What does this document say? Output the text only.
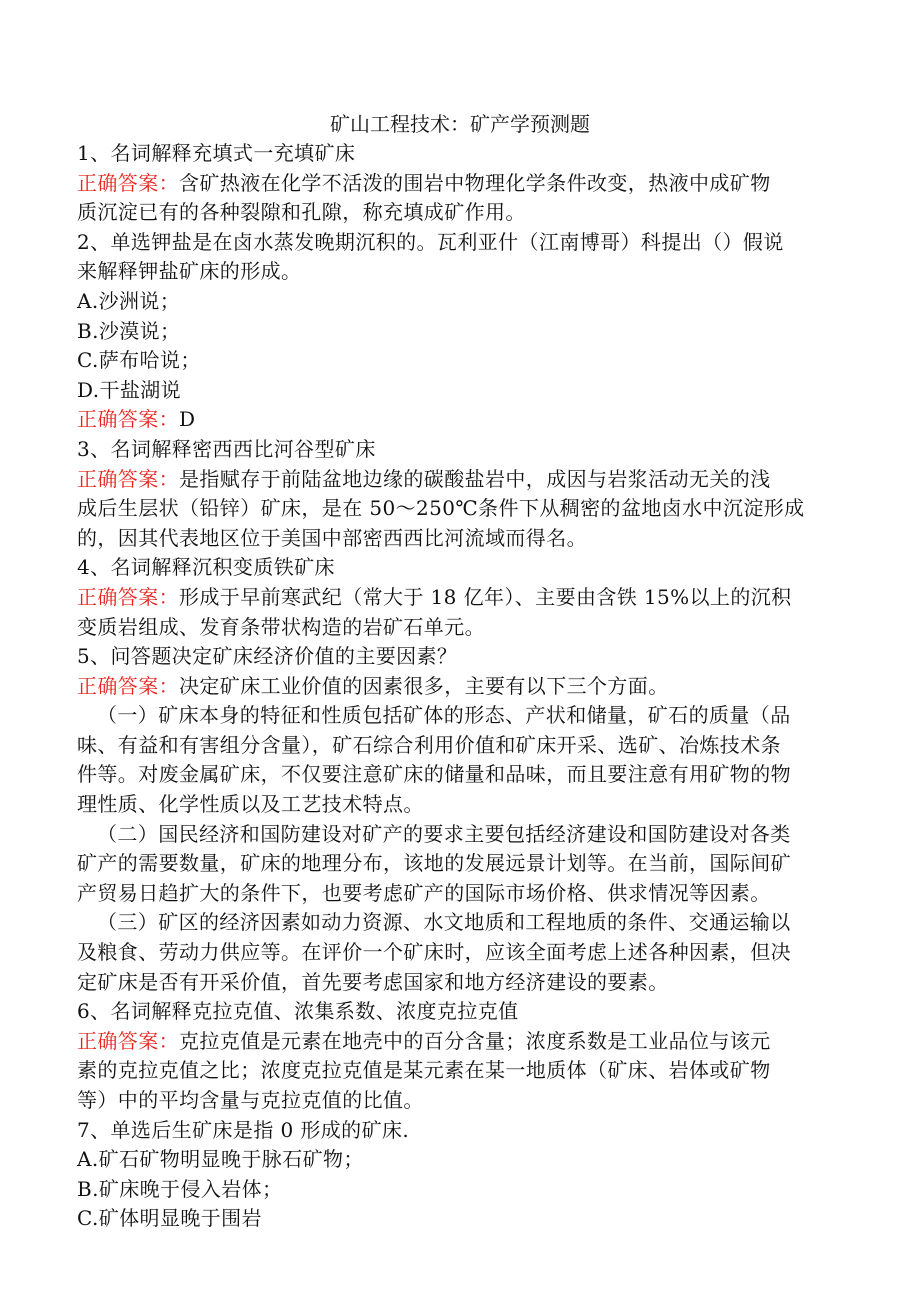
矿山工程技术：矿产学预测题
1、名词解释充填式一充填矿床
正确答案：含矿热液在化学不活泼的围岩中物理化学条件改变，热液中成矿物
质沉淀已有的各种裂隙和孔隙，称充填成矿作用。
2、单选钾盐是在卤水蒸发晚期沉积的。瓦利亚什（江南博哥）科提出（）假说
来解释钾盐矿床的形成。
A.沙洲说；
B.沙漠说；
C.萨布哈说；
D.干盐湖说
正确答案：D
3、名词解释密西西比河谷型矿床
正确答案：是指赋存于前陆盆地边缘的碳酸盐岩中，成因与岩浆活动无关的浅
成后生层状（铅锌）矿床，是在 50～250℃条件下从稠密的盆地卤水中沉淀形成
的，因其代表地区位于美国中部密西西比河流域而得名。
4、名词解释沉积变质铁矿床
正确答案：形成于早前寒武纪（常大于 18 亿年）、主要由含铁 15%以上的沉积
变质岩组成、发育条带状构造的岩矿石单元。
5、问答题决定矿床经济价值的主要因素？
正确答案：决定矿床工业价值的因素很多，主要有以下三个方面。
（一）矿床本身的特征和性质包括矿体的形态、产状和储量，矿石的质量（品
味、有益和有害组分含量），矿石综合利用价值和矿床开采、选矿、冶炼技术条
件等。对废金属矿床，不仅要注意矿床的储量和品味，而且要注意有用矿物的物
理性质、化学性质以及工艺技术特点。
（二）国民经济和国防建设对矿产的要求主要包括经济建设和国防建设对各类
矿产的需要数量，矿床的地理分布，该地的发展远景计划等。在当前，国际间矿
产贸易日趋扩大的条件下，也要考虑矿产的国际市场价格、供求情况等因素。
（三）矿区的经济因素如动力资源、水文地质和工程地质的条件、交通运输以
及粮食、劳动力供应等。在评价一个矿床时，应该全面考虑上述各种因素，但决
定矿床是否有开采价值，首先要考虑国家和地方经济建设的要素。
6、名词解释克拉克值、浓集系数、浓度克拉克值
正确答案：克拉克值是元素在地壳中的百分含量；浓度系数是工业品位与该元
素的克拉克值之比；浓度克拉克值是某元素在某一地质体（矿床、岩体或矿物
等）中的平均含量与克拉克值的比值。
7、单选后生矿床是指 0 形成的矿床.
A.矿石矿物明显晚于脉石矿物；
B.矿床晚于侵入岩体；
C.矿体明显晚于围岩
